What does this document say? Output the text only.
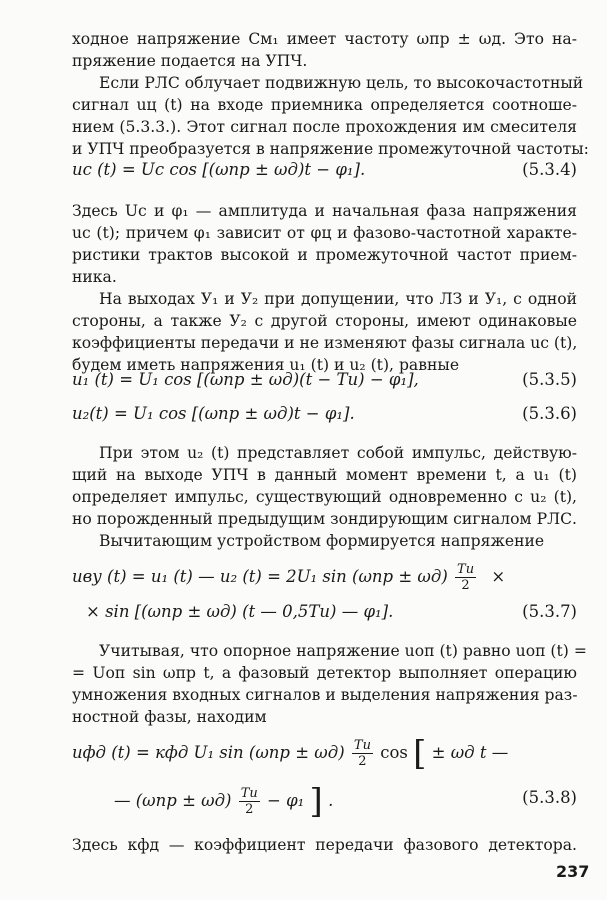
ходное напряжение См₁ имеет частоту ωпр ± ωд. Это на-
пряжение подается на УПЧ.
Если РЛС облучает подвижную цель, то высокочастотный
сигнал uц (t) на входе приемника определяется соотноше-
нием (5.3.3.). Этот сигнал после прохождения им смесителя
и УПЧ преобразуется в напряжение промежуточной частоты:
uс (t) = Uс cos [(ωпр ± ωд)t − φ₁].	(5.3.4)
Здесь Uс и φ₁ — амплитуда и начальная фаза напряжения
uс (t); причем φ₁ зависит от φц и фазово-частотной характе-
ристики трактов высокой и промежуточной частот прием-
ника.
На выходах У₁ и У₂ при допущении, что ЛЗ и У₁, с одной
стороны, а также У₂ с другой стороны, имеют одинаковые
коэффициенты передачи и не изменяют фазы сигнала uс (t),
будем иметь напряжения u₁ (t) и u₂ (t), равные
u₁ (t) = U₁ cos [(ωпр ± ωд)(t − Tи) − φ₁],	(5.3.5)
u₂(t) = U₁ cos [(ωпр ± ωд)t − φ₁].	(5.3.6)
При этом u₂ (t) представляет собой импульс, действую-
щий на выходе УПЧ в данный момент времени t, а u₁ (t)
определяет импульс, существующий одновременно с u₂ (t),
но порожденный предыдущим зондирующим сигналом РЛС.
Вычитающим устройством формируется напряжение
uву (t) = u₁ (t) — u₂ (t) = 2U₁ $\sin (\omega пр \pm \omega д) \frac{Tи}{2}$ ×
× sin [(ωпр ± ωд) (t — 0,5Tи) — φ₁].	(5.3.7)
Учитывая, что опорное напряжение uоп (t) равно uоп (t) =
= Uоп sin ωпр t, а фазовый детектор выполняет операцию
умножения входных сигналов и выделения напряжения раз-
ностной фазы, находим
uфд (t) = кфд U₁ $\sin (\omega пр \pm \omega д) \frac{Tи}{2}$ cos [ ± ωд t —
— $(\omega пр \pm \omega д) \frac{Tи}{2} - \varphi_1$ ] .	(5.3.8)
Здесь кфд — коэффициент передачи фазового детектора.
237
